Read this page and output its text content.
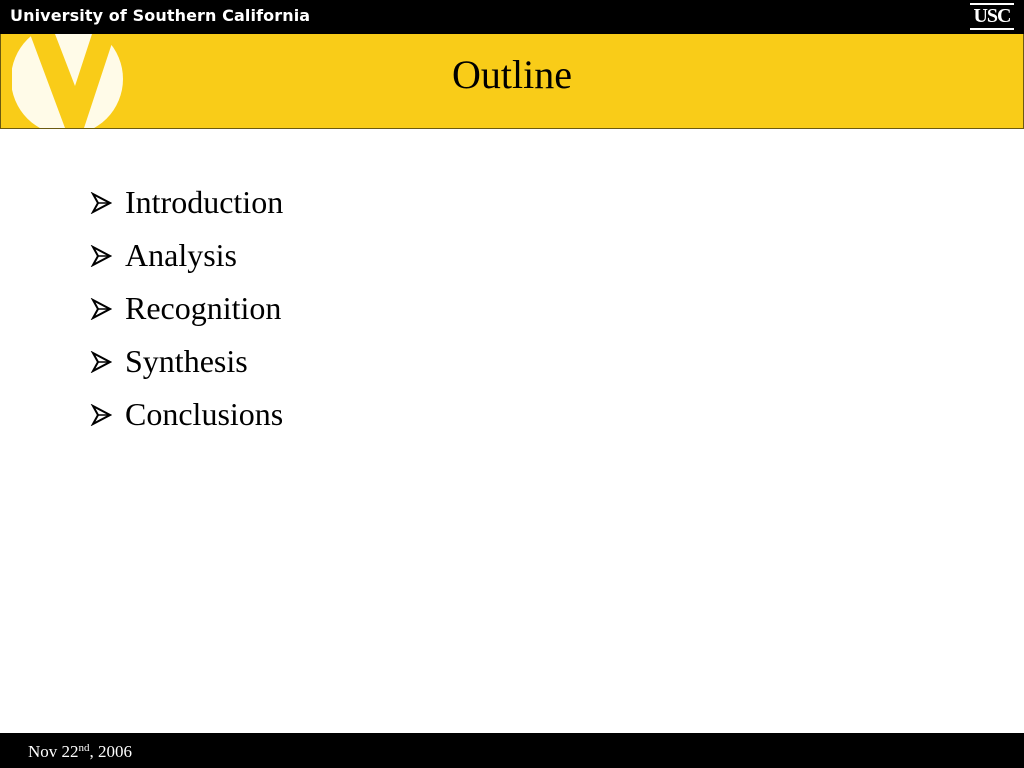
University of Southern California	USC
Outline
Introduction
Analysis
Recognition
Synthesis
Conclusions
Nov 22nd, 2006
